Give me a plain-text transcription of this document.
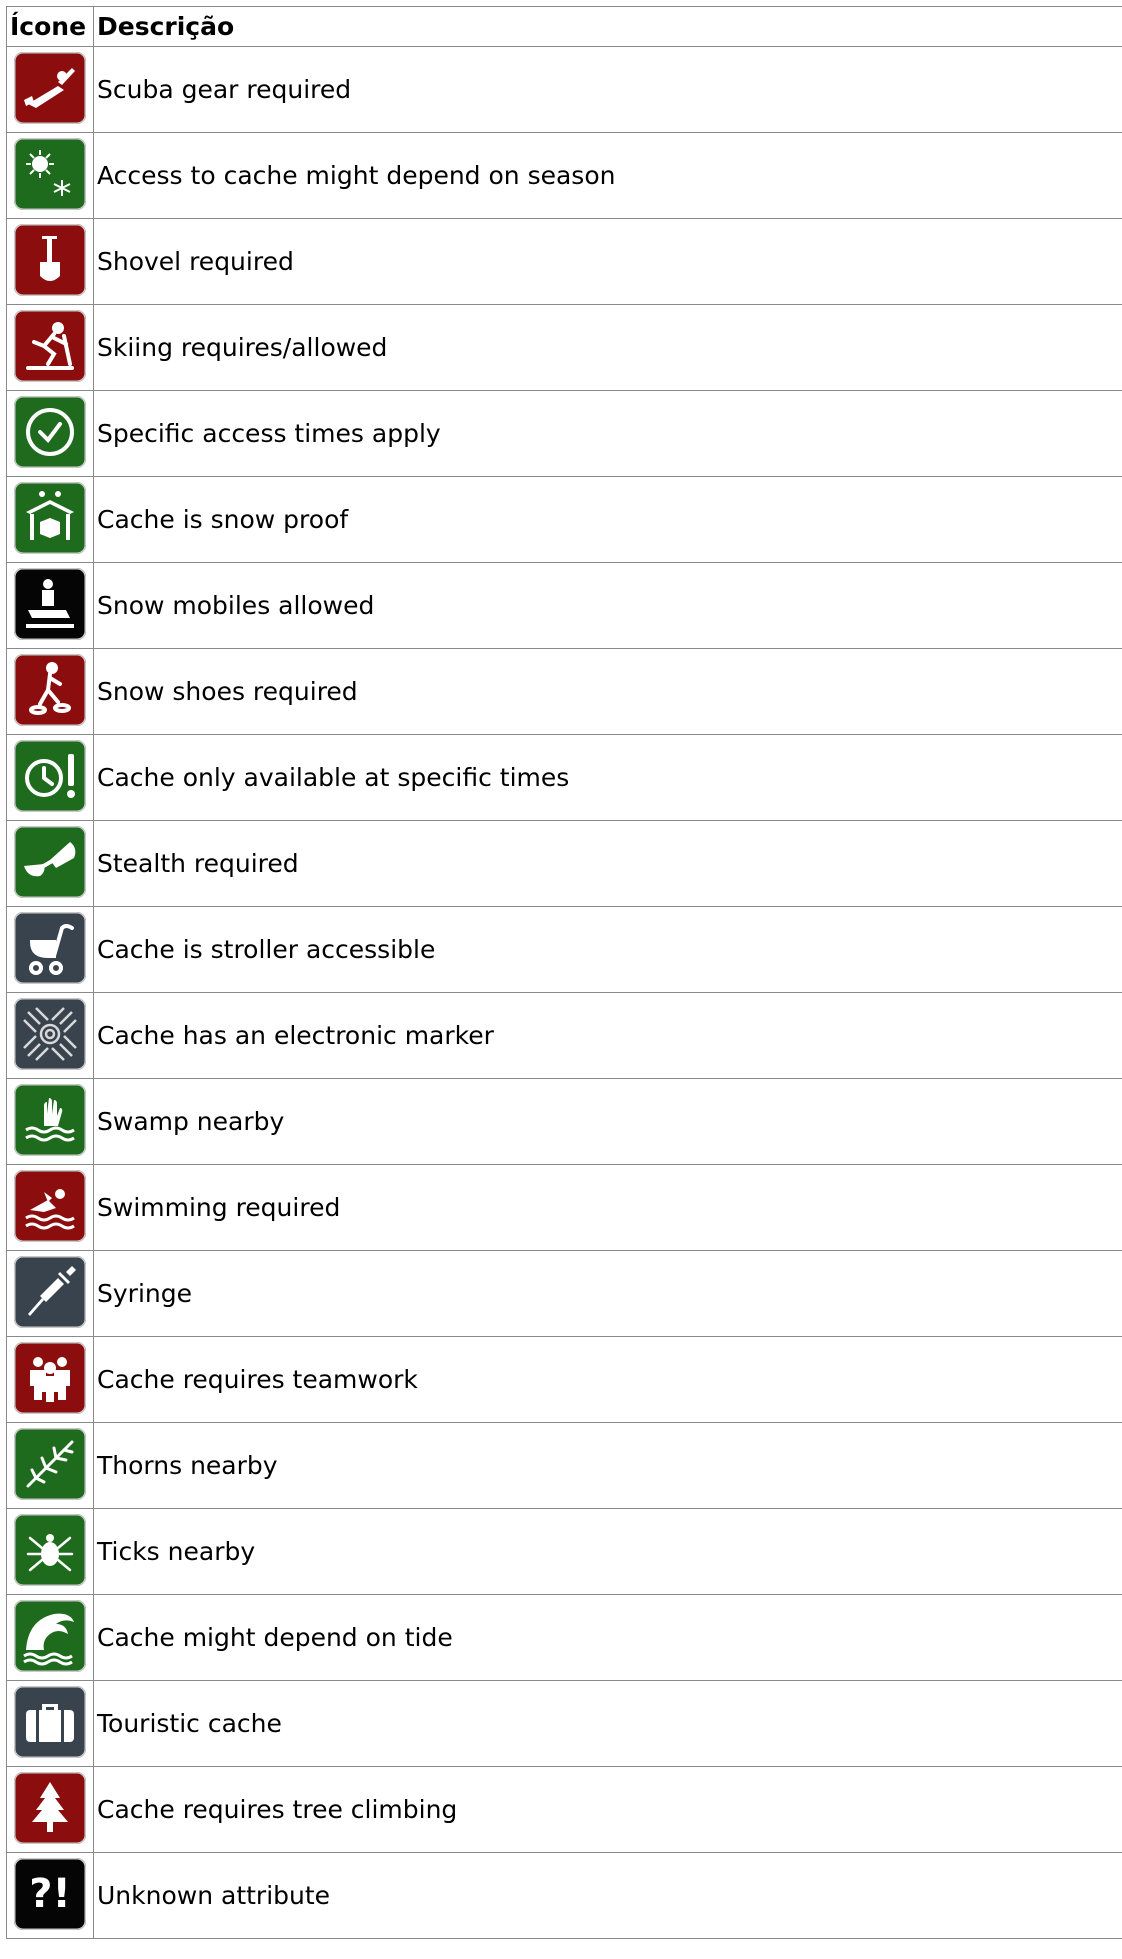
Ícone	Descrição

	Scuba gear required

	Access to cache might depend on season

	Shovel required

	Skiing requires/allowed

	Specific access times apply

	Cache is snow proof

	Snow mobiles allowed

	Snow shoes required

	Cache only available at specific times

	Stealth required

	Cache is stroller accessible

	Cache has an electronic marker

	Swamp nearby

	Swimming required

	Syringe

	Cache requires teamwork

	Thorns nearby

	Ticks nearby

	Cache might depend on tide

	Touristic cache

	Cache requires tree climbing

?!	Unknown attribute
